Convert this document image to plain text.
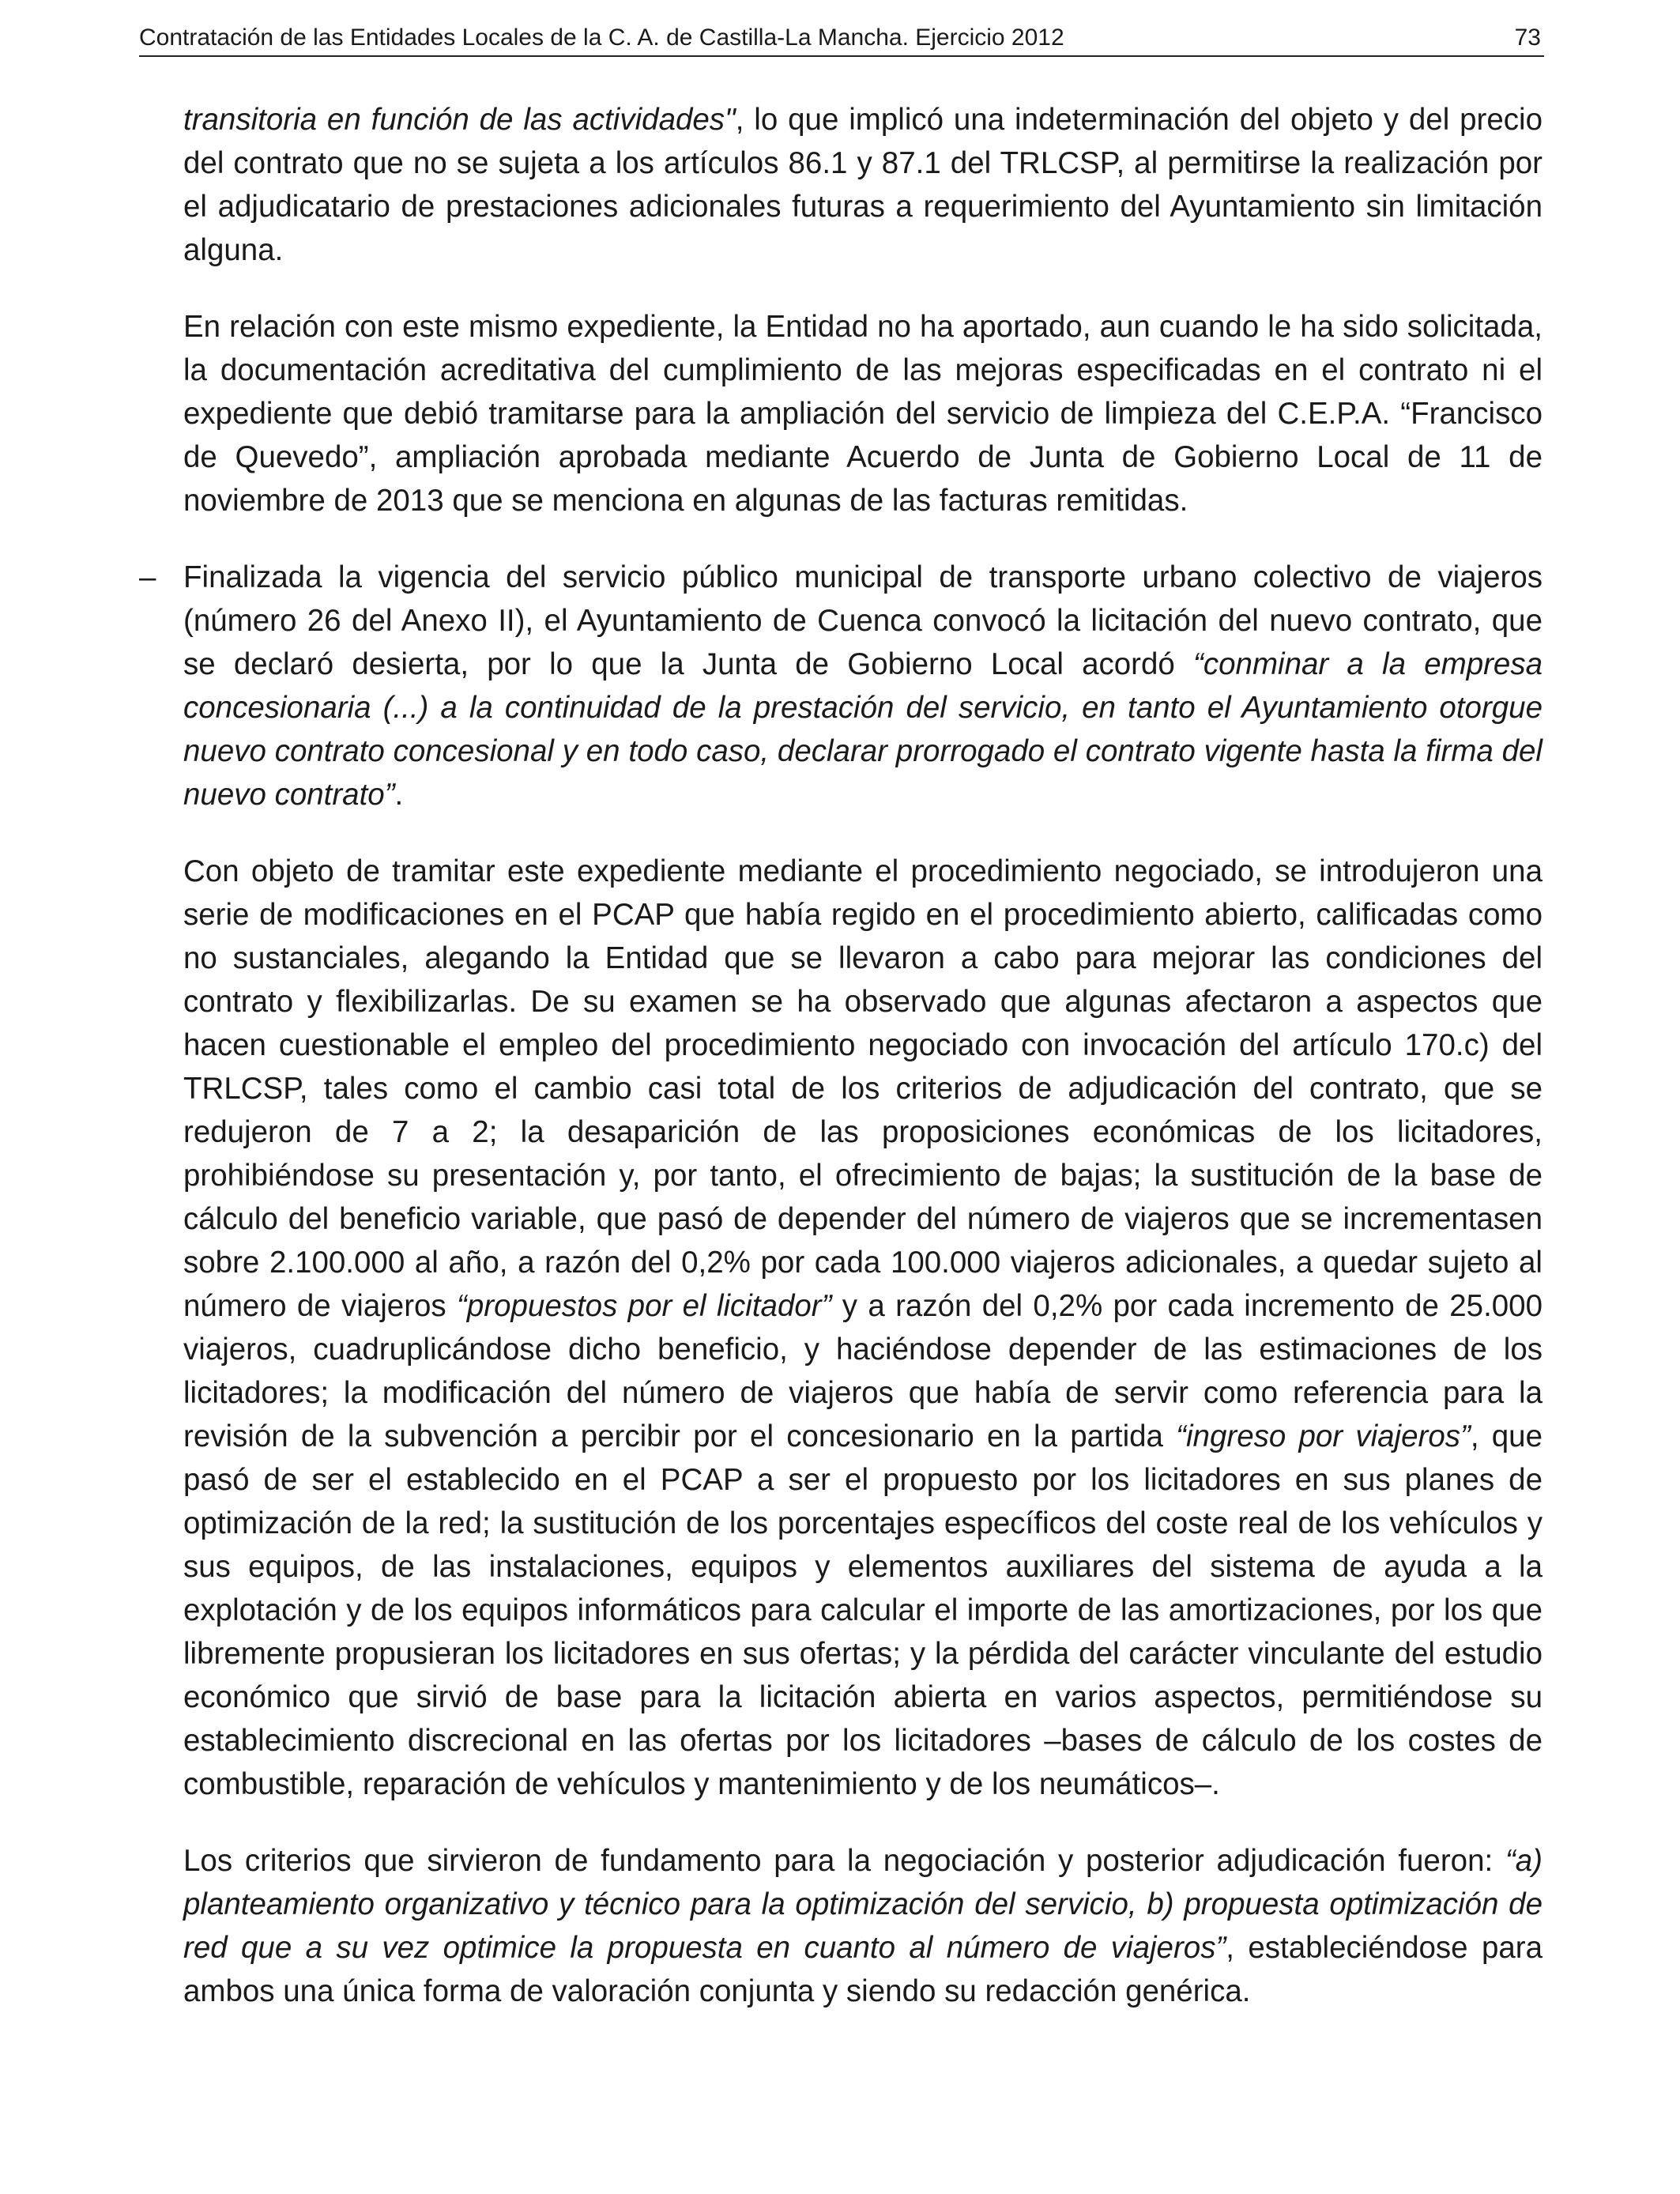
Contratación de las Entidades Locales de la C. A. de Castilla-La Mancha. Ejercicio 2012	73

transitoria en función de las actividades", lo que implicó una indeterminación del objeto y del precio del contrato que no se sujeta a los artículos 86.1 y 87.1 del TRLCSP, al permitirse la realización por el adjudicatario de prestaciones adicionales futuras a requerimiento del Ayuntamiento sin limitación alguna.

En relación con este mismo expediente, la Entidad no ha aportado, aun cuando le ha sido solicitada, la documentación acreditativa del cumplimiento de las mejoras especificadas en el contrato ni el expediente que debió tramitarse para la ampliación del servicio de limpieza del C.E.P.A. “Francisco de Quevedo”, ampliación aprobada mediante Acuerdo de Junta de Gobierno Local de 11 de noviembre de 2013 que se menciona en algunas de las facturas remitidas.

– Finalizada la vigencia del servicio público municipal de transporte urbano colectivo de viajeros (número 26 del Anexo II), el Ayuntamiento de Cuenca convocó la licitación del nuevo contrato, que se declaró desierta, por lo que la Junta de Gobierno Local acordó “conminar a la empresa concesionaria (...) a la continuidad de la prestación del servicio, en tanto el Ayuntamiento otorgue nuevo contrato concesional y en todo caso, declarar prorrogado el contrato vigente hasta la firma del nuevo contrato”.

Con objeto de tramitar este expediente mediante el procedimiento negociado, se introdujeron una serie de modificaciones en el PCAP que había regido en el procedimiento abierto, calificadas como no sustanciales, alegando la Entidad que se llevaron a cabo para mejorar las condiciones del contrato y flexibilizarlas. De su examen se ha observado que algunas afectaron a aspectos que hacen cuestionable el empleo del procedimiento negociado con invocación del artículo 170.c) del TRLCSP, tales como el cambio casi total de los criterios de adjudicación del contrato, que se redujeron de 7 a 2; la desaparición de las proposiciones económicas de los licitadores, prohibiéndose su presentación y, por tanto, el ofrecimiento de bajas; la sustitución de la base de cálculo del beneficio variable, que pasó de depender del número de viajeros que se incrementasen sobre 2.100.000 al año, a razón del 0,2% por cada 100.000 viajeros adicionales, a quedar sujeto al número de viajeros “propuestos por el licitador” y a razón del 0,2% por cada incremento de 25.000 viajeros, cuadruplicándose dicho beneficio, y haciéndose depender de las estimaciones de los licitadores; la modificación del número de viajeros que había de servir como referencia para la revisión de la subvención a percibir por el concesionario en la partida “ingreso por viajeros”, que pasó de ser el establecido en el PCAP a ser el propuesto por los licitadores en sus planes de optimización de la red; la sustitución de los porcentajes específicos del coste real de los vehículos y sus equipos, de las instalaciones, equipos y elementos auxiliares del sistema de ayuda a la explotación y de los equipos informáticos para calcular el importe de las amortizaciones, por los que libremente propusieran los licitadores en sus ofertas; y la pérdida del carácter vinculante del estudio económico que sirvió de base para la licitación abierta en varios aspectos, permitiéndose su establecimiento discrecional en las ofertas por los licitadores –bases de cálculo de los costes de combustible, reparación de vehículos y mantenimiento y de los neumáticos–.

Los criterios que sirvieron de fundamento para la negociación y posterior adjudicación fueron: “a) planteamiento organizativo y técnico para la optimización del servicio, b) propuesta optimización de red que a su vez optimice la propuesta en cuanto al número de viajeros”, estableciéndose para ambos una única forma de valoración conjunta y siendo su redacción genérica.
